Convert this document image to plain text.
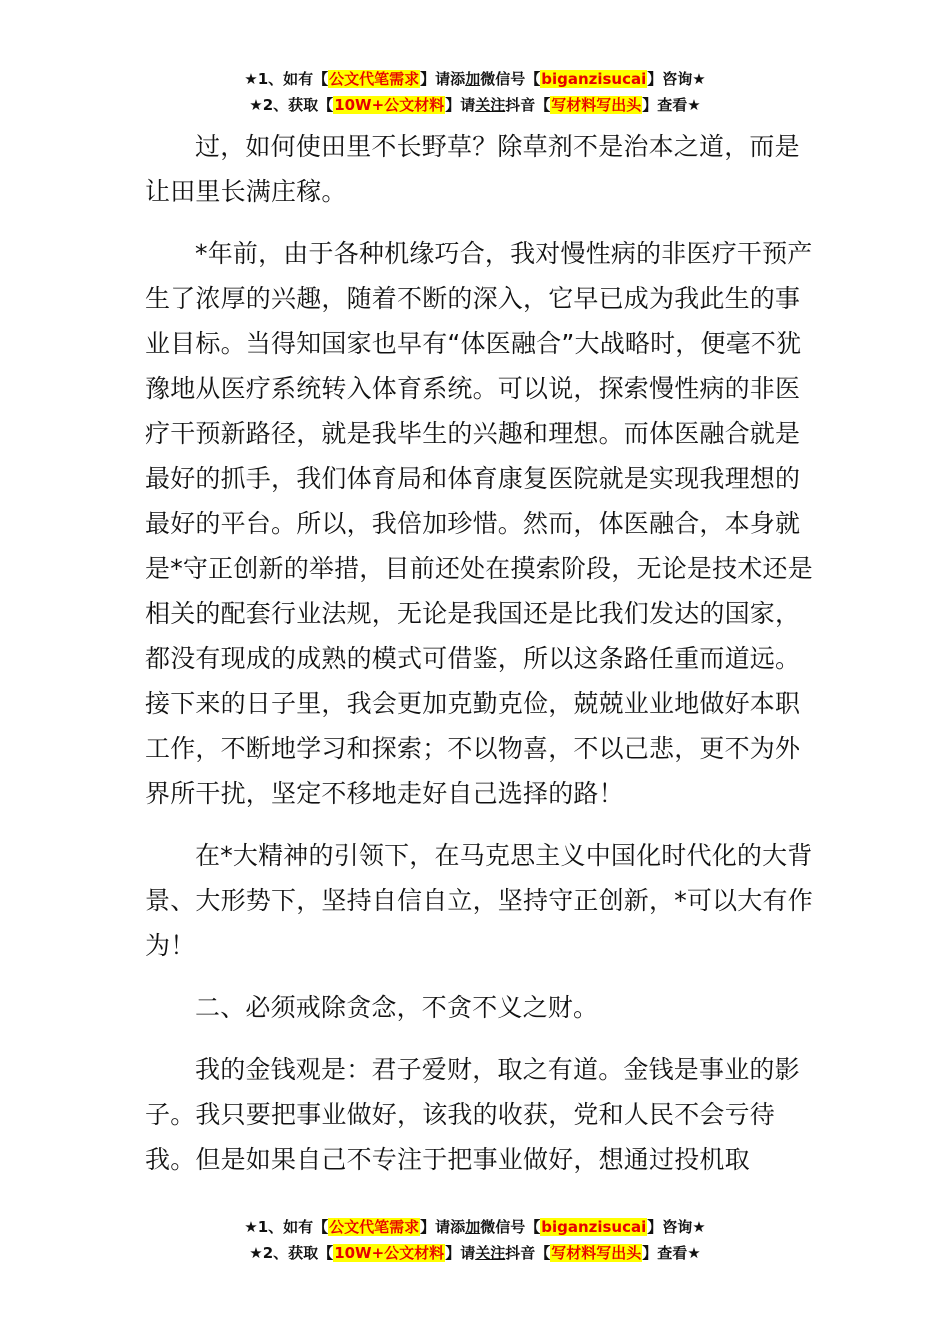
★1、如有【公文代笔需求】请添加微信号【biganzisucai】咨询★
★2、获取【10W+公文材料】请关注抖音【写材料写出头】查看★

过，如何使田里不长野草？除草剂不是治本之道，而是让田里长满庄稼。

*年前，由于各种机缘巧合，我对慢性病的非医疗干预产生了浓厚的兴趣，随着不断的深入，它早已成为我此生的事业目标。当得知国家也早有“体医融合”大战略时，便毫不犹豫地从医疗系统转入体育系统。可以说，探索慢性病的非医疗干预新路径，就是我毕生的兴趣和理想。而体医融合就是最好的抓手，我们体育局和体育康复医院就是实现我理想的最好的平台。所以，我倍加珍惜。然而，体医融合，本身就是*守正创新的举措，目前还处在摸索阶段，无论是技术还是相关的配套行业法规，无论是我国还是比我们发达的国家，都没有现成的成熟的模式可借鉴，所以这条路任重而道远。接下来的日子里，我会更加克勤克俭，兢兢业业地做好本职工作，不断地学习和探索；不以物喜，不以己悲，更不为外界所干扰，坚定不移地走好自己选择的路！

在*大精神的引领下，在马克思主义中国化时代化的大背景、大形势下，坚持自信自立，坚持守正创新，*可以大有作为！

二、必须戒除贪念，不贪不义之财。

我的金钱观是：君子爱财，取之有道。金钱是事业的影子。我只要把事业做好，该我的收获，党和人民不会亏待我。但是如果自己不专注于把事业做好，想通过投机取

★1、如有【公文代笔需求】请添加微信号【biganzisucai】咨询★
★2、获取【10W+公文材料】请关注抖音【写材料写出头】查看★
